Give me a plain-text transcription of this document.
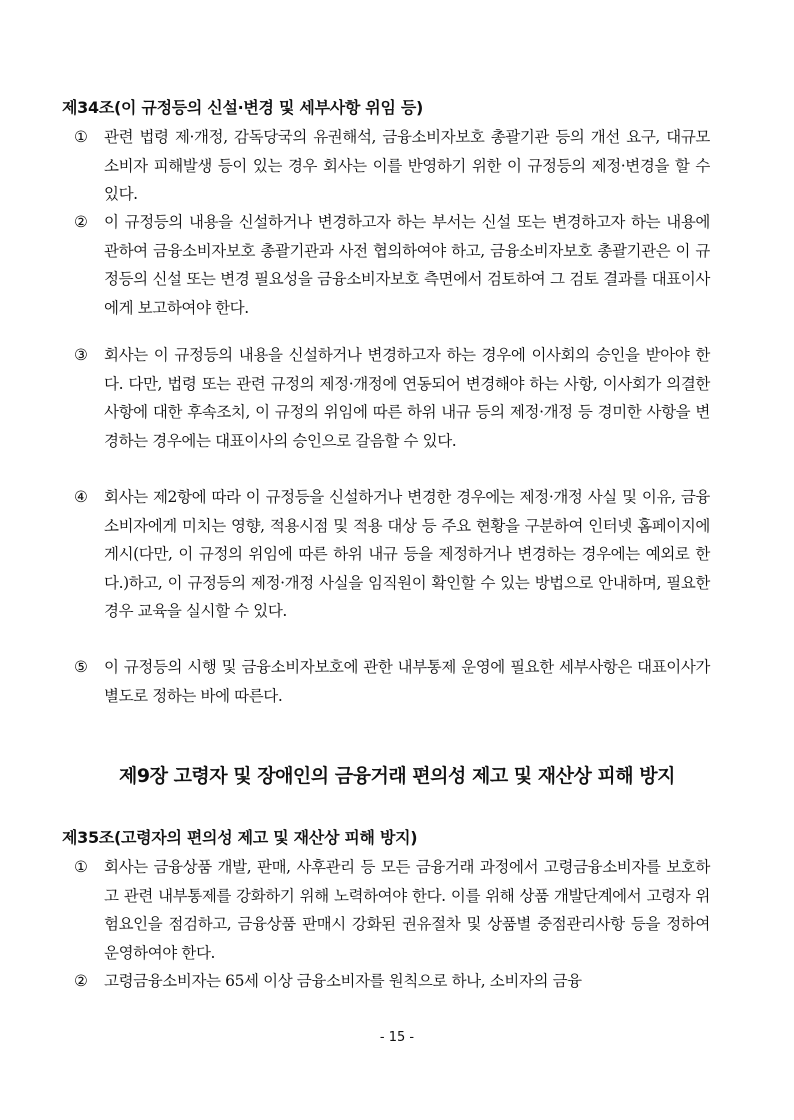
제34조(이 규정등의 신설·변경 및 세부사항 위임 등)
①	관련 법령 제·개정, 감독당국의 유권해석, 금융소비자보호 총괄기관 등의 개선 요구, 대규모 소비자 피해발생 등이 있는 경우 회사는 이를 반영하기 위한 이 규정등의 제정·변경을 할 수 있다.
②	이 규정등의 내용을 신설하거나 변경하고자 하는 부서는 신설 또는 변경하고자 하는 내용에 관하여 금융소비자보호 총괄기관과 사전 협의하여야 하고, 금융소비자보호 총괄기관은 이 규정등의 신설 또는 변경 필요성을 금융소비자보호 측면에서 검토하여 그 검토 결과를 대표이사에게 보고하여야 한다.
③	회사는 이 규정등의 내용을 신설하거나 변경하고자 하는 경우에 이사회의 승인을 받아야 한다. 다만, 법령 또는 관련 규정의 제정·개정에 연동되어 변경해야 하는 사항, 이사회가 의결한 사항에 대한 후속조치, 이 규정의 위임에 따른 하위 내규 등의 제정·개정 등 경미한 사항을 변경하는 경우에는 대표이사의 승인으로 갈음할 수 있다.
④	회사는 제2항에 따라 이 규정등을 신설하거나 변경한 경우에는 제정·개정 사실 및 이유, 금융소비자에게 미치는 영향, 적용시점 및 적용 대상 등 주요 현황을 구분하여 인터넷 홈페이지에 게시(다만, 이 규정의 위임에 따른 하위 내규 등을 제정하거나 변경하는 경우에는 예외로 한다.)하고, 이 규정등의 제정·개정 사실을 임직원이 확인할 수 있는 방법으로 안내하며, 필요한 경우 교육을 실시할 수 있다.
⑤	이 규정등의 시행 및 금융소비자보호에 관한 내부통제 운영에 필요한 세부사항은 대표이사가 별도로 정하는 바에 따른다.
제9장 고령자 및 장애인의 금융거래 편의성 제고 및 재산상 피해 방지
제35조(고령자의 편의성 제고 및 재산상 피해 방지)
①	회사는 금융상품 개발, 판매, 사후관리 등 모든 금융거래 과정에서 고령금융소비자를 보호하고 관련 내부통제를 강화하기 위해 노력하여야 한다. 이를 위해 상품 개발단계에서 고령자 위험요인을 점검하고, 금융상품 판매시 강화된 권유절차 및 상품별 중점관리사항 등을 정하여 운영하여야 한다.
②	고령금융소비자는 65세 이상 금융소비자를 원칙으로 하나, 소비자의 금융
- 15 -
